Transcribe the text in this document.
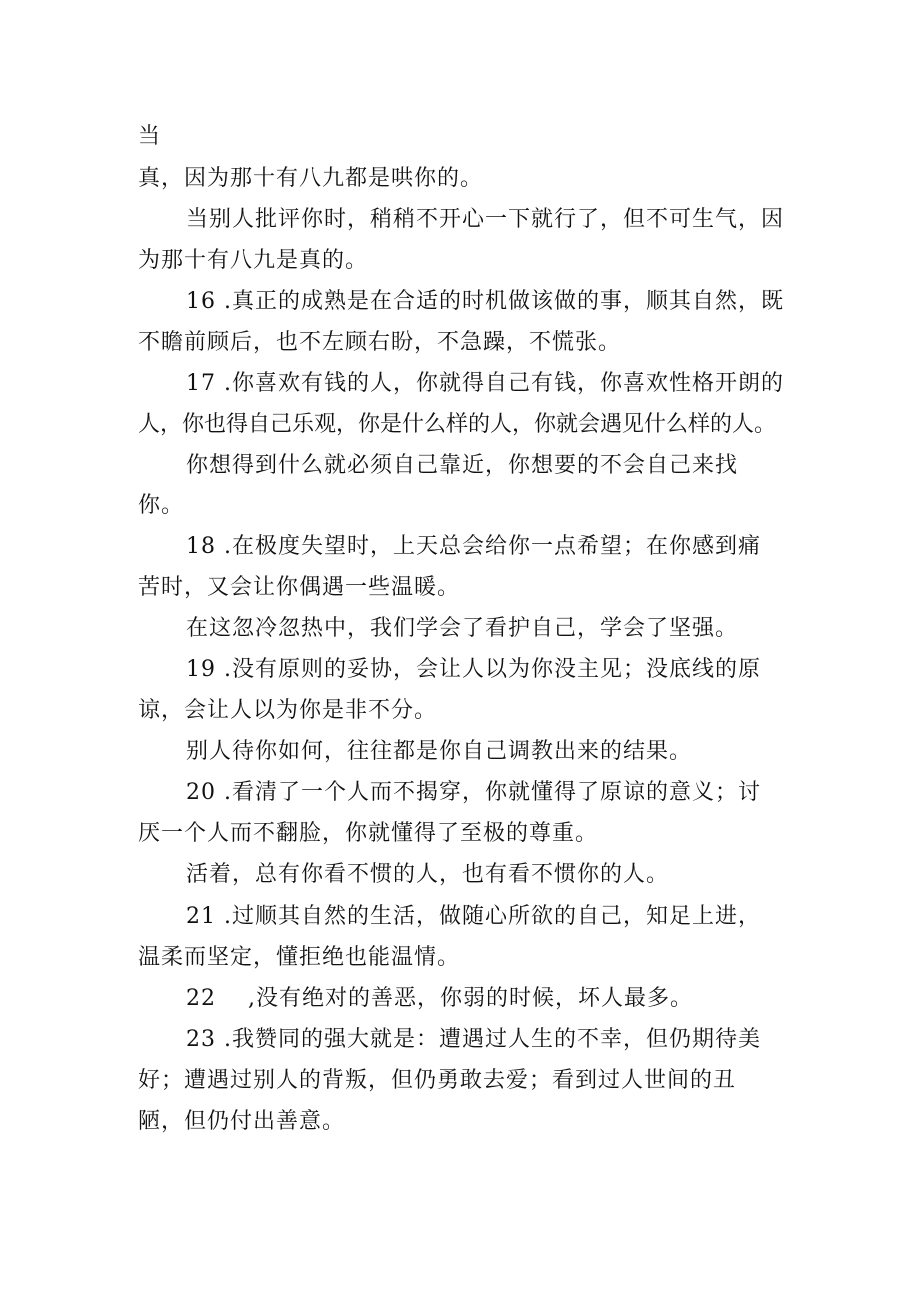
当
真，因为那十有八九都是哄你的。
当别人批评你时，稍稍不开心一下就行了，但不可生气，因
为那十有八九是真的。
16 .真正的成熟是在合适的时机做该做的事，顺其自然，既
不瞻前顾后，也不左顾右盼，不急躁，不慌张。
17 .你喜欢有钱的人，你就得自己有钱，你喜欢性格开朗的
人，你也得自己乐观，你是什么样的人，你就会遇见什么样的人。
你想得到什么就必须自己靠近，你想要的不会自己来找
你。
18 .在极度失望时，上天总会给你一点希望；在你感到痛
苦时，又会让你偶遇一些温暖。
在这忽冷忽热中，我们学会了看护自己，学会了坚强。
19 .没有原则的妥协，会让人以为你没主见；没底线的原
谅，会让人以为你是非不分。
别人待你如何，往往都是你自己调教出来的结果。
20 .看清了一个人而不揭穿，你就懂得了原谅的意义；讨
厌一个人而不翻脸，你就懂得了至极的尊重。
活着，总有你看不惯的人，也有看不惯你的人。
21 .过顺其自然的生活，做随心所欲的自己，知足上进，
温柔而坚定，懂拒绝也能温情。
22    ,没有绝对的善恶，你弱的时候，坏人最多。
23 .我赞同的强大就是：遭遇过人生的不幸，但仍期待美
好；遭遇过别人的背叛，但仍勇敢去爱；看到过人世间的丑
陋，但仍付出善意。
